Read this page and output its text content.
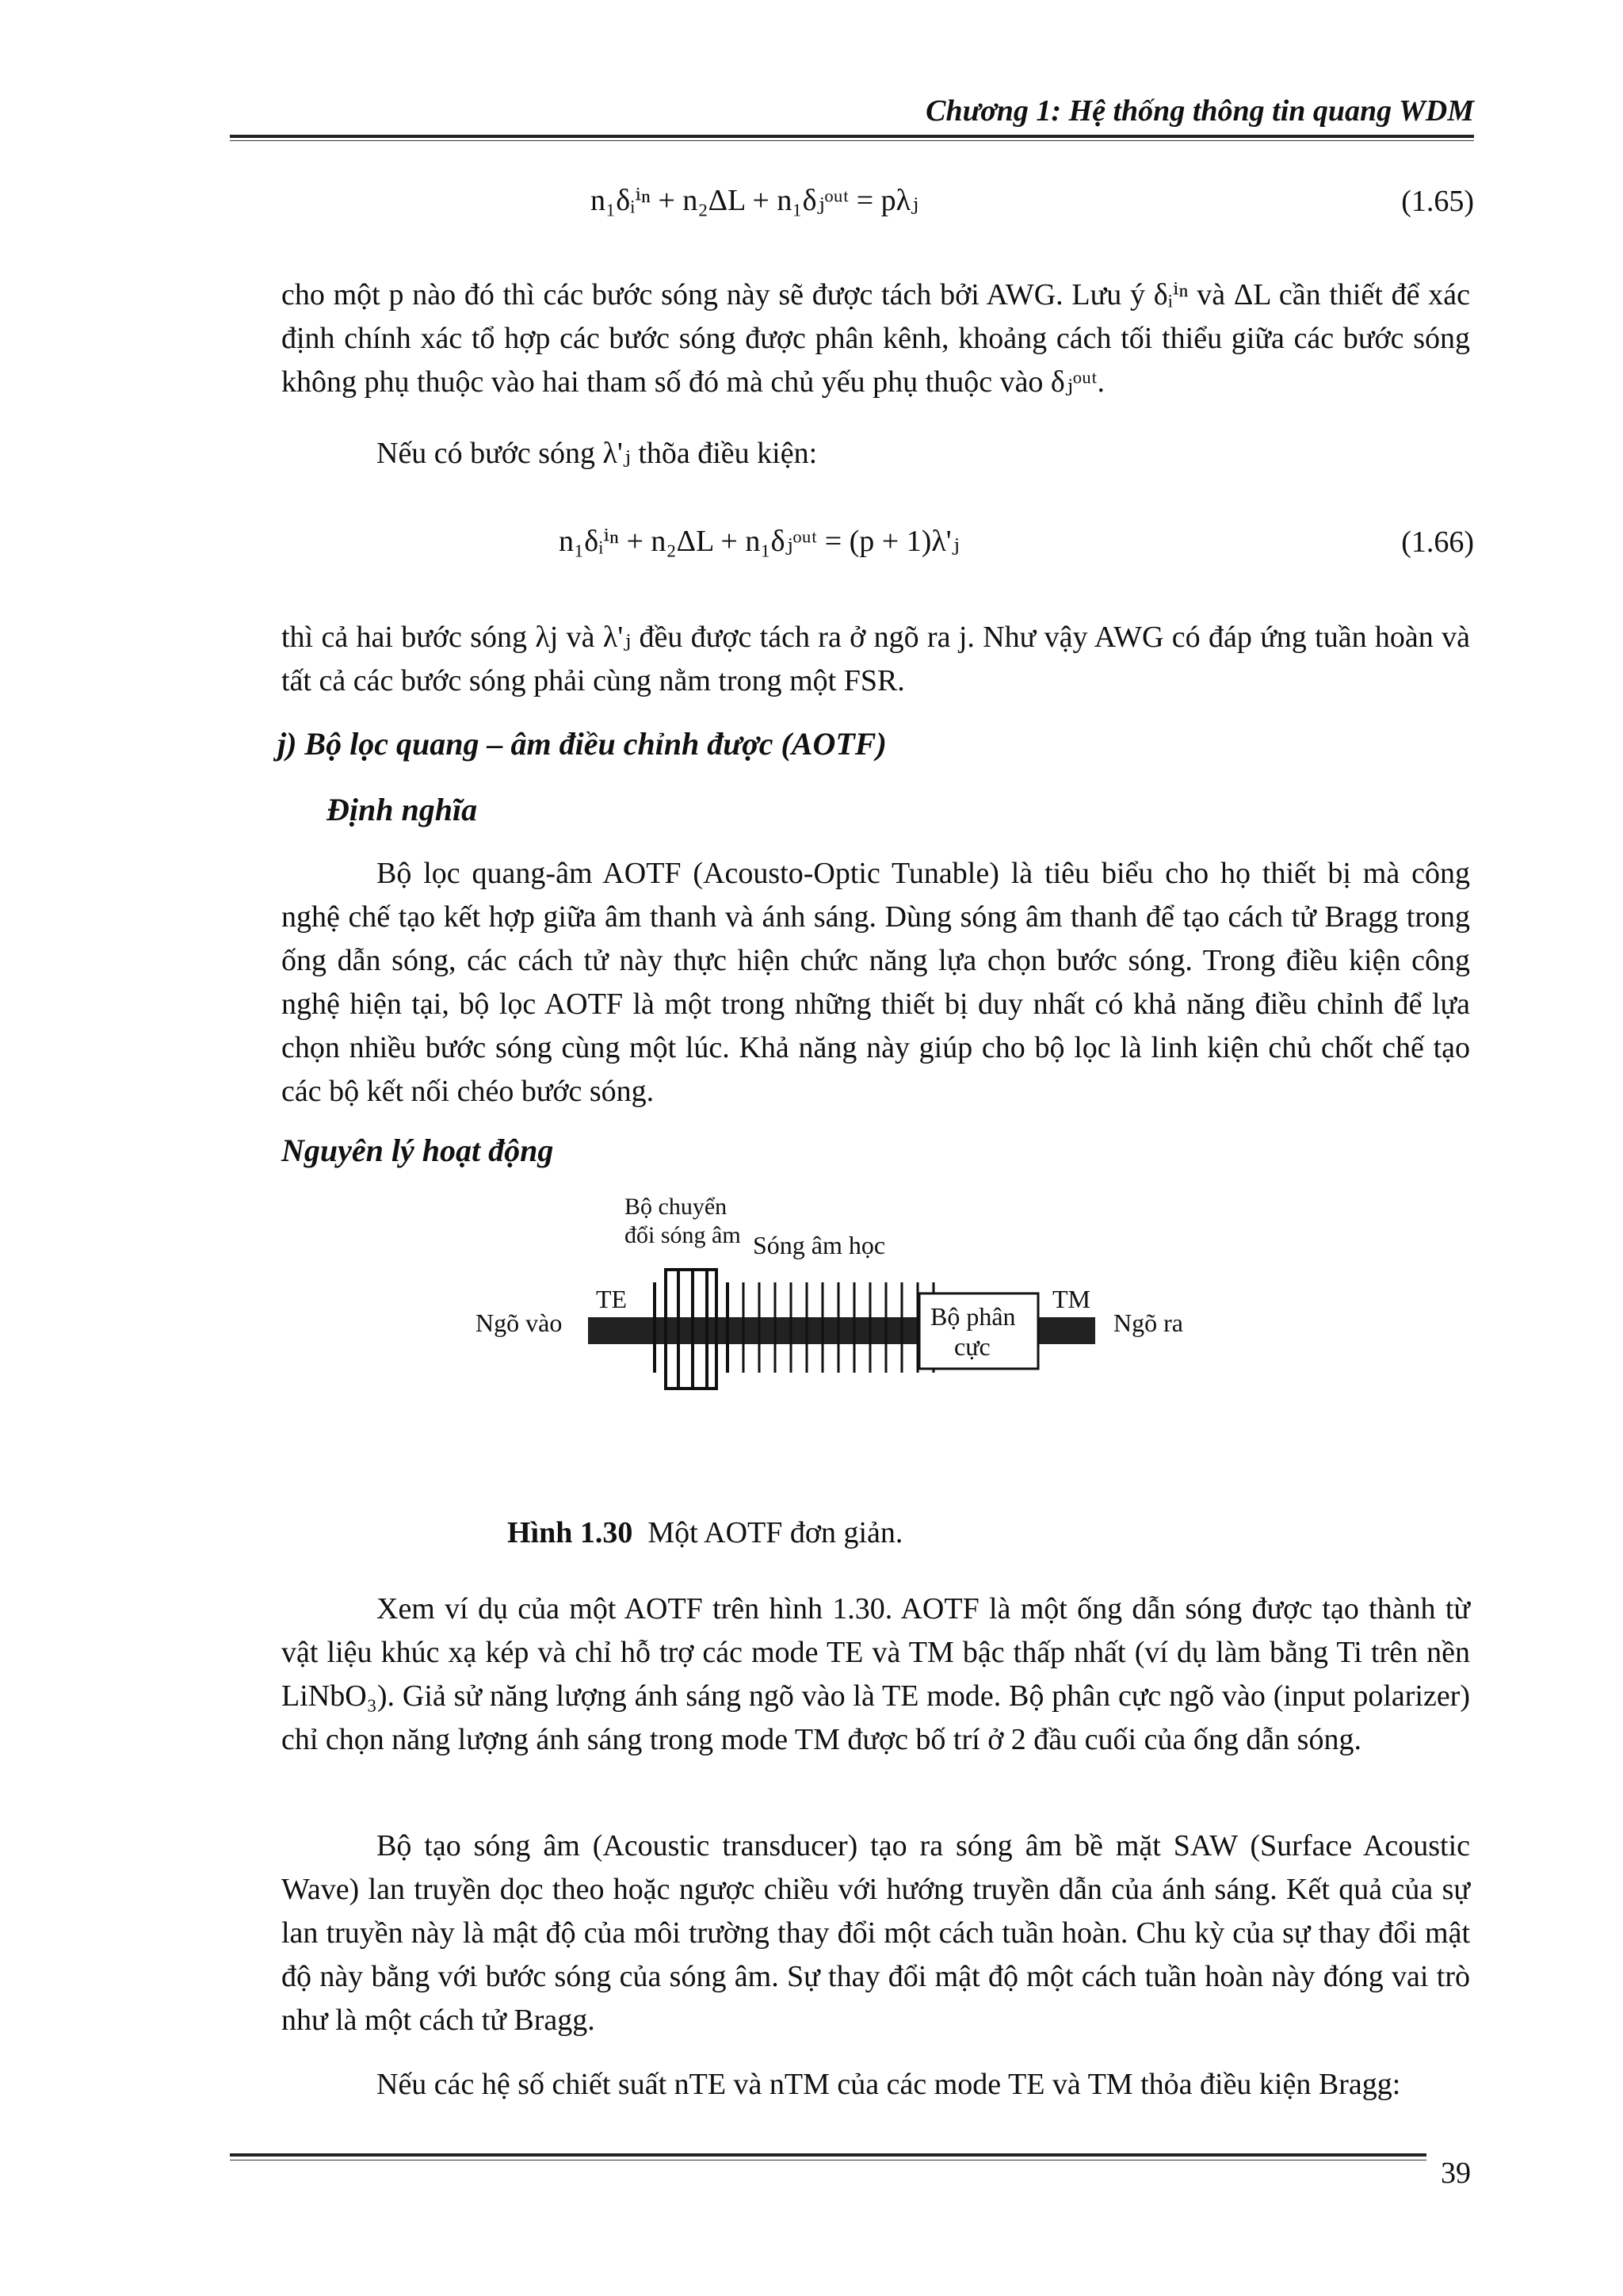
Chương 1: Hệ thống thông tin quang WDM
n₁δᵢⁱⁿ + n₂ΔL + n₁δⱼᵒᵘᵗ = pλⱼ	(1.65)
cho một p nào đó thì các bước sóng này sẽ được tách bởi AWG. Lưu ý δᵢⁱⁿ và ΔL cần thiết để xác định chính xác tổ hợp các bước sóng được phân kênh, khoảng cách tối thiểu giữa các bước sóng không phụ thuộc vào hai tham số đó mà chủ yếu phụ thuộc vào δⱼᵒᵘᵗ.
Nếu có bước sóng λ'ⱼ thõa điều kiện:
n₁δᵢⁱⁿ + n₂ΔL + n₁δⱼᵒᵘᵗ = (p + 1)λ'ⱼ	(1.66)
thì cả hai bước sóng λj và λ'ⱼ đều được tách ra ở ngõ ra j. Như vậy AWG có đáp ứng tuần hoàn và tất cả các bước sóng phải cùng nằm trong một FSR.
j) Bộ lọc quang – âm điều chỉnh được (AOTF)
Định nghĩa
Bộ lọc quang-âm AOTF (Acousto-Optic Tunable) là tiêu biểu cho họ thiết bị mà công nghệ chế tạo kết hợp giữa âm thanh và ánh sáng. Dùng sóng âm thanh để tạo cách tử Bragg trong ống dẫn sóng, các cách tử này thực hiện chức năng lựa chọn bước sóng. Trong điều kiện công nghệ hiện tại, bộ lọc AOTF là một trong những thiết bị duy nhất có khả năng điều chỉnh để lựa chọn nhiều bước sóng cùng một lúc. Khả năng này giúp cho bộ lọc là linh kiện chủ chốt chế tạo các bộ kết nối chéo bước sóng.
Nguyên lý hoạt động
Bộ chuyển
đổi sóng âm Sóng âm học
TE	TM
Ngõ vào	Ngõ ra
Bộ phân
cực
Hình 1.30 Một AOTF đơn giản.
Xem ví dụ của một AOTF trên hình 1.30. AOTF là một ống dẫn sóng được tạo thành từ vật liệu khúc xạ kép và chỉ hỗ trợ các mode TE và TM bậc thấp nhất (ví dụ làm bằng Ti trên nền LiNbO₃). Giả sử năng lượng ánh sáng ngõ vào là TE mode. Bộ phân cực ngõ vào (input polarizer) chỉ chọn năng lượng ánh sáng trong mode TM được bố trí ở 2 đầu cuối của ống dẫn sóng.
Bộ tạo sóng âm (Acoustic transducer) tạo ra sóng âm bề mặt SAW (Surface Acoustic Wave) lan truyền dọc theo hoặc ngược chiều với hướng truyền dẫn của ánh sáng. Kết quả của sự lan truyền này là mật độ của môi trường thay đổi một cách tuần hoàn. Chu kỳ của sự thay đổi mật độ này bằng với bước sóng của sóng âm. Sự thay đổi mật độ một cách tuần hoàn này đóng vai trò như là một cách tử Bragg.
Nếu các hệ số chiết suất nTE và nTM của các mode TE và TM thỏa điều kiện Bragg:
39
